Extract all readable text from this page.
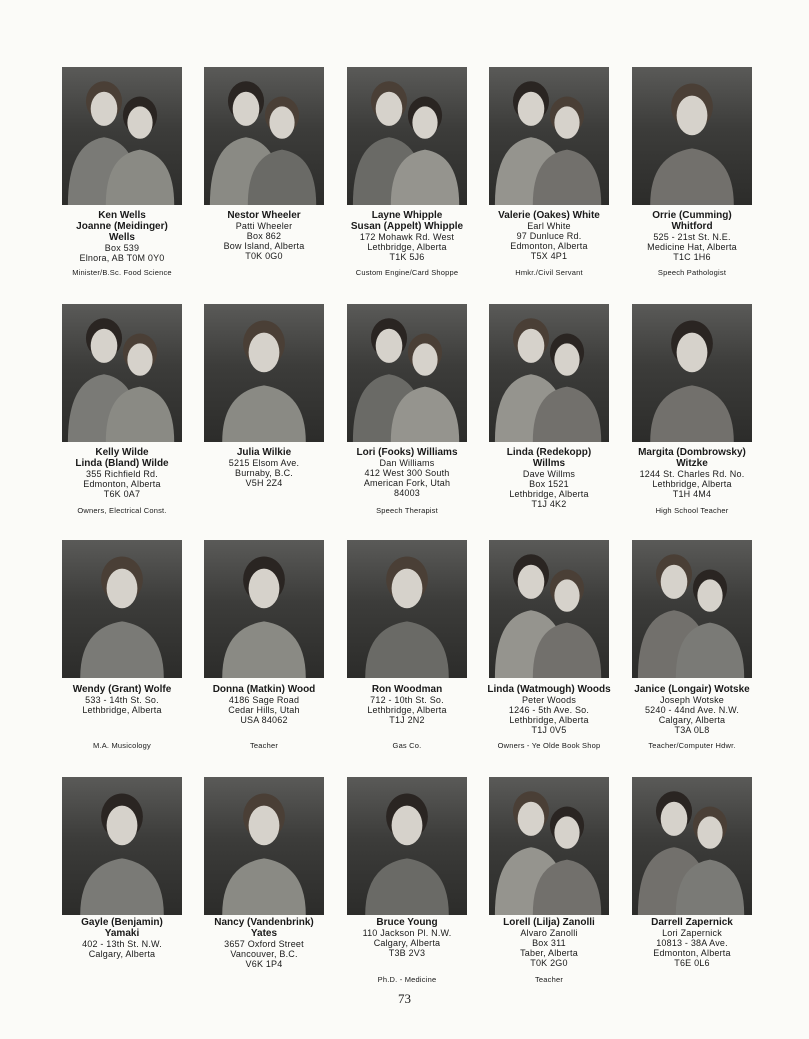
Ken Wells
Joanne (Meidinger)
Wells
Box 539
Elnora, AB T0M 0Y0
Minister/B.Sc. Food Science
Nestor Wheeler
Patti Wheeler
Box 862
Bow Island, Alberta
T0K 0G0
Layne Whipple
Susan (Appelt) Whipple
172 Mohawk Rd. West
Lethbridge, Alberta
T1K 5J6
Custom Engine/Card Shoppe
Valerie (Oakes) White
Earl White
97 Dunluce Rd.
Edmonton, Alberta
T5X 4P1
Hmkr./Civil Servant
Orrie (Cumming)
Whitford
525 - 21st St. N.E.
Medicine Hat, Alberta
T1C 1H6
Speech Pathologist
Kelly Wilde
Linda (Bland) Wilde
355 Richfield Rd.
Edmonton, Alberta
T6K 0A7
Owners, Electrical Const.
Julia Wilkie
5215 Elsom Ave.
Burnaby, B.C.
V5H 2Z4
Lori (Fooks) Williams
Dan Williams
412 West 300 South
American Fork, Utah
84003
Speech Therapist
Linda (Redekopp)
Willms
Dave Willms
Box 1521
Lethbridge, Alberta
T1J 4K2
Margita (Dombrowsky)
Witzke
1244 St. Charles Rd. No.
Lethbridge, Alberta
T1H 4M4
High School Teacher
Wendy (Grant) Wolfe
533 - 14th St. So.
Lethbridge, Alberta
M.A. Musicology
Donna (Matkin) Wood
4186 Sage Road
Cedar Hills, Utah
USA 84062
Teacher
Ron Woodman
712 - 10th St. So.
Lethbridge, Alberta
T1J 2N2
Gas Co.
Linda (Watmough) Woods
Peter Woods
1246 - 5th Ave. So.
Lethbridge, Alberta
T1J 0V5
Owners - Ye Olde Book Shop
Janice (Longair) Wotske
Joseph Wotske
5240 - 44nd Ave. N.W.
Calgary, Alberta
T3A 0L8
Teacher/Computer Hdwr.
Gayle (Benjamin)
Yamaki
402 - 13th St. N.W.
Calgary, Alberta
Nancy (Vandenbrink)
Yates
3657 Oxford Street
Vancouver, B.C.
V6K 1P4
Bruce Young
110 Jackson Pl. N.W.
Calgary, Alberta
T3B 2V3
Ph.D. - Medicine
Lorell (Lilja) Zanolli
Alvaro Zanolli
Box 311
Taber, Alberta
T0K 2G0
Teacher
Darrell Zapernick
Lori Zapernick
10813 - 38A Ave.
Edmonton, Alberta
T6E 0L6
73
